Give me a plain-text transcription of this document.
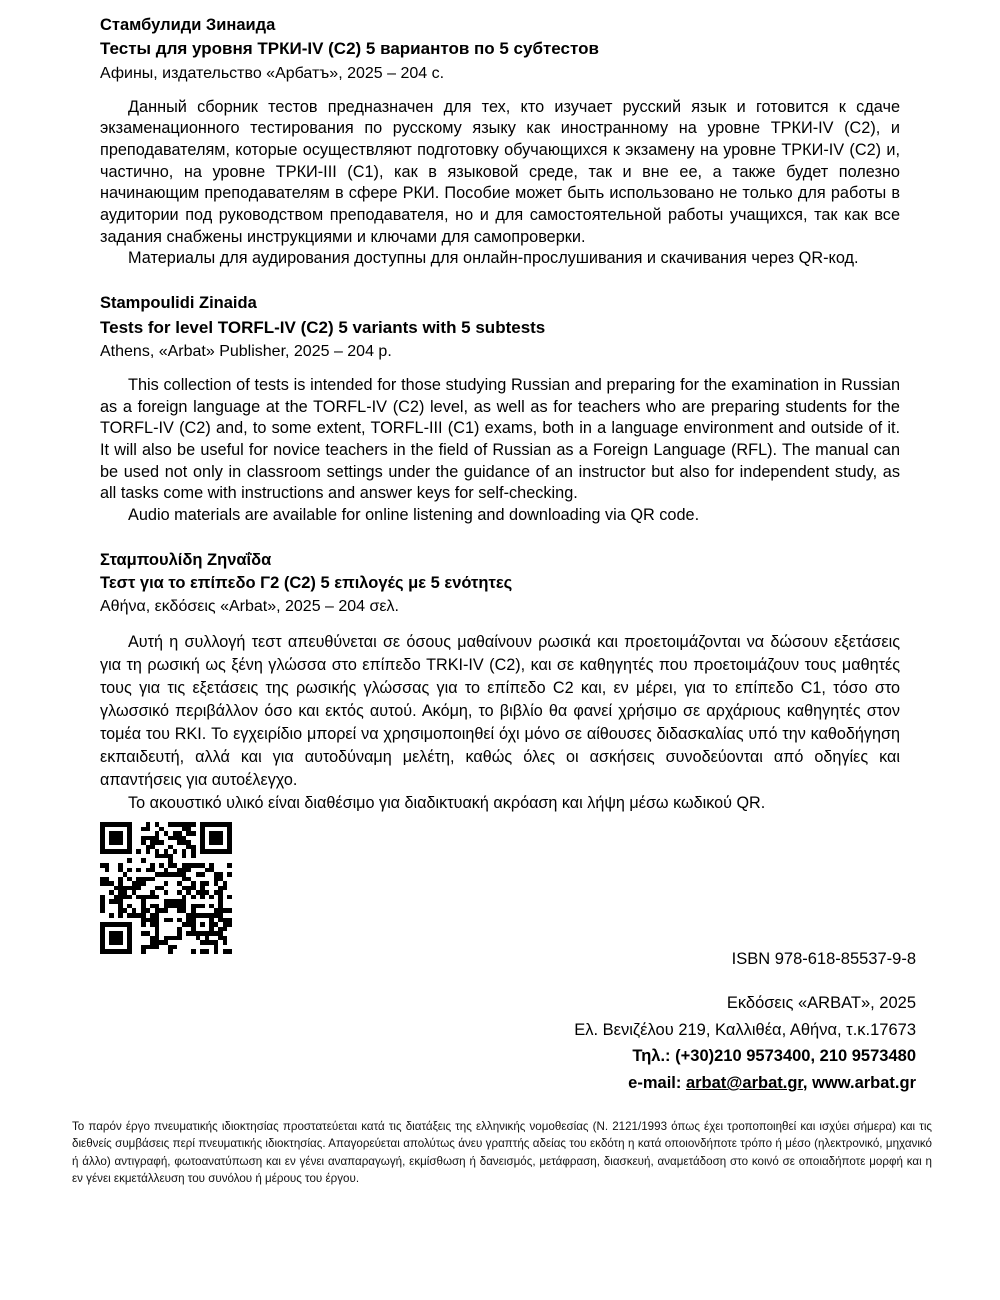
Стамбулиди Зинаида

Тесты для уровня ТРКИ-IV (С2) 5 вариантов по 5 субтестов

Афины, издательство «Арбатъ», 2025 – 204 с.

Данный сборник тестов предназначен для тех, кто изучает русский язык и готовится к сдаче экзаменационного тестирования по русскому языку как иностранному на уровне ТРКИ-IV (С2), и преподавателям, которые осуществляют подготовку обучающихся к экзамену на уровне ТРКИ-IV (С2) и, частично, на уровне ТРКИ-III (С1), как в языковой среде, так и вне ее, а также будет полезно начинающим преподавателям в сфере РКИ. Пособие может быть использовано не только для работы в аудитории под руководством преподавателя, но и для самостоятельной работы учащихся, так как все задания снабжены инструкциями и ключами для самопроверки.

Материалы для аудирования доступны для онлайн-прослушивания и скачивания через QR-код.

Stampoulidi Zinaida

Tests for level TORFL-IV (C2) 5 variants with 5 subtests

Athens, «Arbat» Publisher, 2025 – 204 p.

This collection of tests is intended for those studying Russian and preparing for the examination in Russian as a foreign language at the TORFL-IV (C2) level, as well as for teachers who are preparing students for the TORFL-IV (C2) and, to some extent, TORFL-III (C1) exams, both in a language environment and outside of it. It will also be useful for novice teachers in the field of Russian as a Foreign Language (RFL). The manual can be used not only in classroom settings under the guidance of an instructor but also for independent study, as all tasks come with instructions and answer keys for self-checking.

Audio materials are available for online listening and downloading via QR code.

Σταμπουλίδη Ζηναΐδα

Τεστ για το επίπεδο Γ2 (C2) 5 επιλογές με 5 ενότητες

Αθήνα, εκδόσεις «Arbat», 2025 – 204 σελ.

Αυτή η συλλογή τεστ απευθύνεται σε όσους μαθαίνουν ρωσικά και προετοιμάζονται να δώσουν εξετάσεις για τη ρωσική ως ξένη γλώσσα στο επίπεδο TRKI-IV (C2), και σε καθηγητές που προετοιμάζουν τους μαθητές τους για τις εξετάσεις της ρωσικής γλώσσας για το επίπεδο C2 και, εν μέρει, για το επίπεδο C1, τόσο στο γλωσσικό περιβάλλον όσο και εκτός αυτού. Ακόμη, το βιβλίο θα φανεί χρήσιμο σε αρχάριους καθηγητές στον τομέα του RKI. Το εγχειρίδιο μπορεί να χρησιμοποιηθεί όχι μόνο σε αίθουσες διδασκαλίας υπό την καθοδήγηση εκπαιδευτή, αλλά και για αυτοδύναμη μελέτη, καθώς όλες οι ασκήσεις συνοδεύονται από οδηγίες και απαντήσεις για αυτοέλεγχο.

Το ακουστικό υλικό είναι διαθέσιμο για διαδικτυακή ακρόαση και λήψη μέσω κωδικού QR.

ISBN 978-618-85537-9-8
Εκδόσεις «ARBAT», 2025
Ελ. Βενιζέλου 219, Καλλιθέα, Αθήνα, τ.κ.17673
Τηλ.: (+30)210 9573400, 210 9573480
e-mail: arbat@arbat.gr, www.arbat.gr
Το παρόν έργο πνευματικής ιδιοκτησίας προστατεύεται κατά τις διατάξεις της ελληνικής νομοθεσίας (Ν. 2121/1993 όπως έχει τροποποιηθεί και ισχύει σήμερα) και τις διεθνείς συμβάσεις περί πνευματικής ιδιοκτησίας. Απαγορεύεται απολύτως άνευ γραπτής αδείας του εκδότη η κατά οποιονδήποτε τρόπο ή μέσο (ηλεκτρονικό, μηχανικό ή άλλο) αντιγραφή, φωτοανατύπωση και εν γένει αναπαραγωγή, εκμίσθωση ή δανεισμός, μετάφραση, διασκευή, αναμετάδοση στο κοινό σε οποιαδήποτε μορφή και η εν γένει εκμετάλλευση του συνόλου ή μέρους του έργου.
